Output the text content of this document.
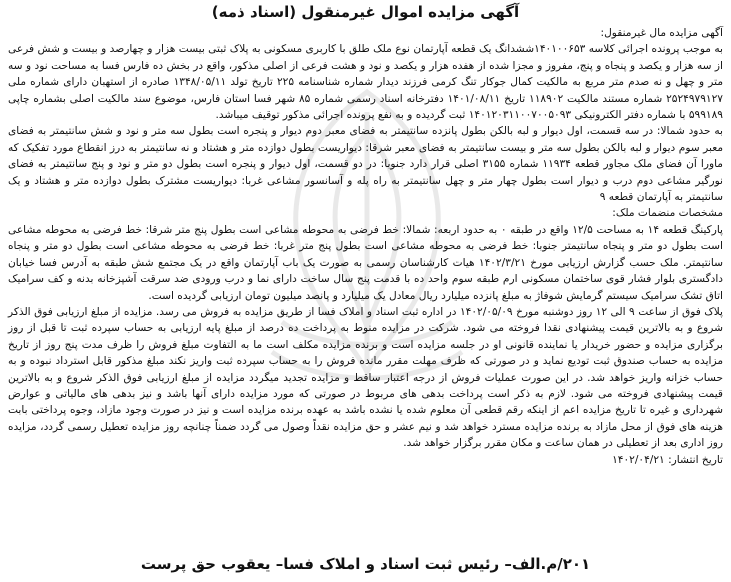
آگهی مزایده اموال غیرمنقول (اسناد ذمه)

آگهی مزایده مال غیرمنقول:

به موجب پرونده اجرائی کلاسه ۱۴۰۱۰۰۶۵۳ششدانگ یک قطعه آپارتمان نوع ملک طلق با کاربری مسکونی به پلاک ثبتی بیست هزار و چهارصد و بیست و شش فرعی از سه هزار و یکصد و پنجاه و پنج، مفروز و مجزا شده از هفده هزار و یکصد و نود و هشت فرعی از اصلی مذکور، واقع در بخش ده فارس فسا به مساحت نود و سه متر و چهل و نه صدم متر مربع به مالکیت کمال جوکار تنگ کرمی فرزند دیدار شماره شناسنامه ۲۲۵ تاریخ تولد ۱۳۴۸/۰۵/۱۱ صادره از استهبان دارای شماره ملی ۲۵۲۴۹۷۹۱۲۷ شماره مستند مالکیت ۱۱۸۹۰۲ تاریخ ۱۴۰۱/۰۸/۱۱ دفترخانه اسناد رسمی شماره ۸۵ شهر فسا استان فارس، موضوع سند مالکیت اصلی بشماره چاپی ۵۹۹۱۸۹ با شماره دفتر الکترونیکی ۱۴۰۱۲۰۳۱۱۰۰۷۰۰۵۰۹۳ ثبت گردیده و به نفع پرونده اجرائی مذکور توقیف میباشد.

به حدود شمالا: در سه قسمت، اول دیوار و لبه بالکن بطول پانزده سانتیمتر به فضای معبر دوم دیوار و پنجره است بطول سه متر و نود و شش سانتیمتر به فضای معبر سوم دیوار و لبه بالکن بطول سه متر و بیست سانتیمتر به فضای معبر شرقا: دیواریست بطول دوازده متر و هشتاد و نه سانتیمتر به درز انقطاع مورد تفکیک که ماورا آن فضای ملک مجاور قطعه ۱۱۹۳۴ شماره ۳۱۵۵ اصلی قرار دارد جنوبا: در دو قسمت، اول دیوار و پنجره است بطول دو متر و نود و پنج سانتیمتر به فضای نورگیر مشاعی دوم درب و دیوار است بطول چهار متر و چهل سانتیمتر به راه پله و آسانسور مشاعی غربا: دیواریست مشترک بطول دوازده متر و هشتاد و یک سانتیمتر به آپارتمان قطعه ۹

مشخصات منضمات ملک:

پارکینگ قطعه ۱۴ به مساحت ۱۲/۵ واقع در طبقه ۰ به حدود اربعه: شمالا: خط فرضی به محوطه مشاعی است بطول پنج متر شرقا: خط فرضی به محوطه مشاعی است بطول دو متر و پنجاه سانتیمتر جنوبا: خط فرضی به محوطه مشاعی است بطول پنج متر غربا: خط فرضی به محوطه مشاعی است بطول دو متر و پنجاه سانتیمتر. ملک حسب گزارش ارزیابی مورخ ۱۴۰۲/۳/۲۱ هیات کارشناسان رسمی به صورت یک باب آپارتمان واقع در یک مجتمع شش طبقه به آدرس فسا خیابان دادگستری بلوار فشار قوی ساختمان مسکونی ارم طبقه سوم واحد ده با قدمت پنج سال ساخت دارای نما و درب ورودی ضد سرقت آشپزخانه بدنه و کف سرامیک اتاق تشک سرامیک سیستم گرمایش شوفاژ به مبلغ پانزده میلیارد ریال معادل یک میلیارد و پانصد میلیون تومان ارزیابی گردیده است.

پلاک فوق از ساعت ۹ الی ۱۲ روز دوشنبه مورخ ۱۴۰۲/۰۵/۰۹ در اداره ثبت اسناد و املاک فسا از طریق مزایده به فروش می رسد. مزایده از مبلغ ارزیابی فوق الذکر شروع و به بالاترین قیمت پیشنهادی نقدا فروخته می شود. شرکت در مزایده منوط به پرداخت ده درصد از مبلغ پایه ارزیابی به حساب سپرده ثبت تا قبل از روز برگزاری مزایده و حضور خریدار یا نماینده قانونی او در جلسه مزایده است و برنده مزایده مکلف است ما به التفاوت مبلغ فروش را ظرف مدت پنج روز از تاریخ مزایده به حساب صندوق ثبت تودیع نماید و در صورتی که ظرف مهلت مقرر مانده فروش را به حساب سپرده ثبت واریز نکند مبلغ مذکور قابل استرداد نبوده و به حساب خزانه واریز خواهد شد. در این صورت عملیات فروش از درجه اعتبار ساقط و مزایده تجدید میگردد مزایده از مبلغ ارزیابی فوق الذکر شروع و به بالاترین قیمت پیشنهادی فروخته می شود. لازم به ذکر است پرداخت بدهی های مربوط در صورتی که مورد مزایده دارای آنها باشد و نیز بدهی های مالیاتی و عوارض شهرداری و غیره تا تاریخ مزایده اعم از اینکه رقم قطعی آن معلوم شده یا نشده باشد به عهده برنده مزایده است و نیز در صورت وجود مازاد، وجوه پرداختی بابت هزینه های فوق از محل مازاد به برنده مزایده مسترد خواهد شد و نیم عشر و حق مزایده نقداً وصول می گردد ضمناً چنانچه روز مزایده تعطیل رسمی گردد، مزایده روز اداری بعد از تعطیلی در همان ساعت و مکان مقرر برگزار خواهد شد.

تاریخ انتشار: ۱۴۰۲/۰۴/۲۱

۲۰۱/م.الف– رئیس ثبت اسناد و املاک فسا– یعقوب حق پرست
